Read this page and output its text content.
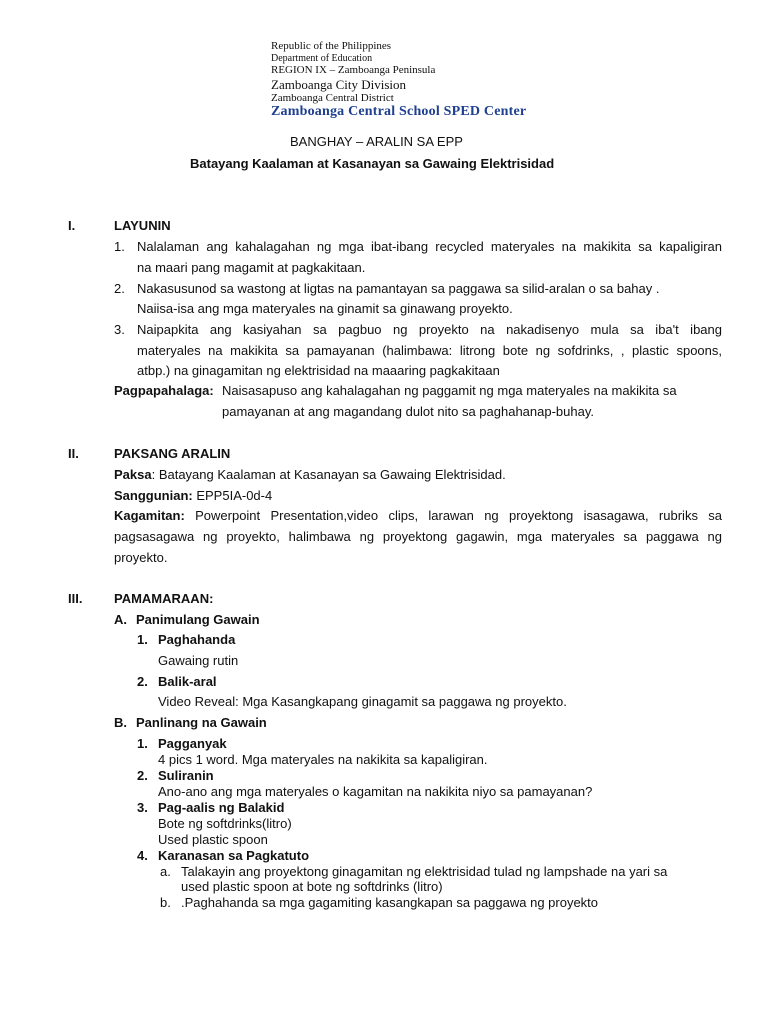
Republic of the Philippines
Department of Education
REGION IX – Zamboanga Peninsula
Zamboanga City Division
Zamboanga Central District
Zamboanga Central School SPED Center
BANGHAY – ARALIN SA EPP
Batayang Kaalaman at Kasanayan sa Gawaing Elektrisidad
I.	LAYUNIN
1. Nalalaman ang kahalagahan ng mga ibat-ibang recycled materyales na makikita sa kapaligiran
na maari pang magamit at pagkakitaan.
2. Nakasusunod sa wastong at ligtas na pamantayan sa paggawa sa silid-aralan o sa bahay .
Naiisa-isa ang mga materyales na ginamit sa ginawang proyekto.
3. Naipapkita ang kasiyahan sa pagbuo ng proyekto na nakadisenyo mula sa iba't ibang
materyales na makikita sa pamayanan (halimbawa: litrong bote ng sofdrinks, , plastic spoons,
atbp.) na ginagamitan ng elektrisidad na maaaring pagkakitaan
Pagpapahalaga: Naisasapuso ang kahalagahan ng paggamit ng mga materyales na makikita sa
pamayanan at ang magandang dulot nito sa paghahanap-buhay.
II.	PAKSANG ARALIN
Paksa: Batayang Kaalaman at Kasanayan sa Gawaing Elektrisidad.
Sanggunian: EPP5IA-0d-4
Kagamitan: Powerpoint Presentation,video clips, larawan ng proyektong isasagawa, rubriks sa
pagsasagawa ng proyekto, halimbawa ng proyektong gagawin, mga materyales sa paggawa ng
proyekto.
III. PAMAMARAAN:
A. Panimulang Gawain
1. Paghahanda
Gawaing rutin
2. Balik-aral
Video Reveal: Mga Kasangkapang ginagamit sa paggawa ng proyekto.
B. Panlinang na Gawain
1. Pagganyak
4 pics 1 word. Mga materyales na nakikita sa kapaligiran.
2. Suliranin
Ano-ano ang mga materyales o kagamitan na nakikita niyo sa pamayanan?
3. Pag-aalis ng Balakid
Bote ng softdrinks(litro)
Used plastic spoon
4. Karanasan sa Pagkatuto
a. Talakayin ang proyektong ginagamitan ng elektrisidad tulad ng lampshade na yari sa
used plastic spoon at bote ng softdrinks (litro)
b. .Paghahanda sa mga gagamiting kasangkapan sa paggawa ng proyekto
